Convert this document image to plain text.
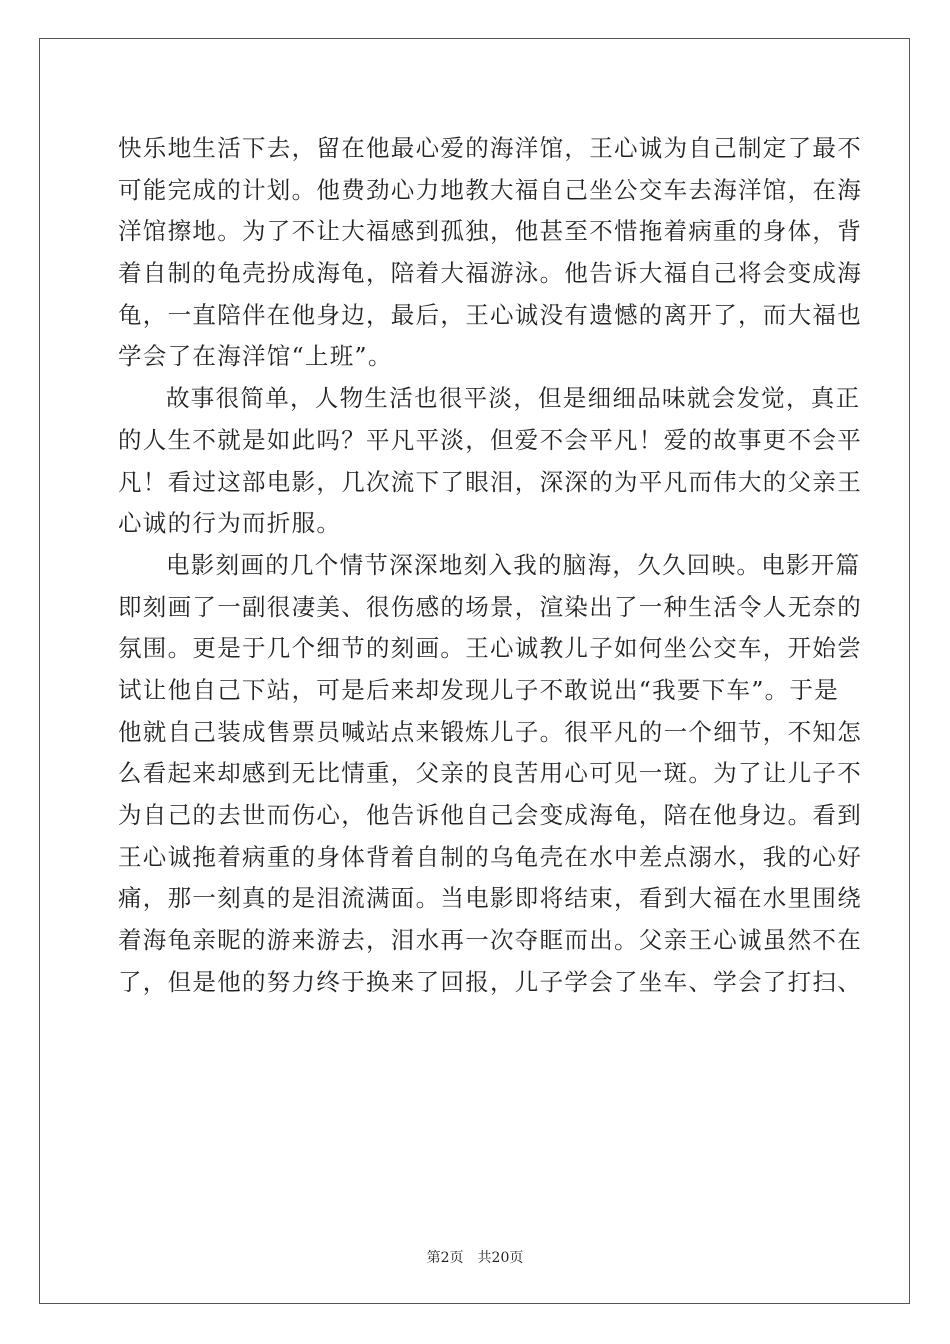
快乐地生活下去，留在他最心爱的海洋馆，王心诚为自己制定了最不
可能完成的计划。他费劲心力地教大福自己坐公交车去海洋馆，在海
洋馆擦地。为了不让大福感到孤独，他甚至不惜拖着病重的身体，背
着自制的龟壳扮成海龟，陪着大福游泳。他告诉大福自己将会变成海
龟，一直陪伴在他身边，最后，王心诚没有遗憾的离开了，而大福也
学会了在海洋馆“上班”。
故事很简单，人物生活也很平淡，但是细细品味就会发觉，真正
的人生不就是如此吗？平凡平淡，但爱不会平凡！爱的故事更不会平
凡！看过这部电影，几次流下了眼泪，深深的为平凡而伟大的父亲王
心诚的行为而折服。
电影刻画的几个情节深深地刻入我的脑海，久久回映。电影开篇
即刻画了一副很凄美、很伤感的场景，渲染出了一种生活令人无奈的
氛围。更是于几个细节的刻画。王心诚教儿子如何坐公交车，开始尝
试让他自己下站，可是后来却发现儿子不敢说出“我要下车”。于是
他就自己装成售票员喊站点来锻炼儿子。很平凡的一个细节，不知怎
么看起来却感到无比情重，父亲的良苦用心可见一斑。为了让儿子不
为自己的去世而伤心，他告诉他自己会变成海龟，陪在他身边。看到
王心诚拖着病重的身体背着自制的乌龟壳在水中差点溺水，我的心好
痛，那一刻真的是泪流满面。当电影即将结束，看到大福在水里围绕
着海龟亲昵的游来游去，泪水再一次夺眶而出。父亲王心诚虽然不在
了，但是他的努力终于换来了回报，儿子学会了坐车、学会了打扫、
第2页 共20页
